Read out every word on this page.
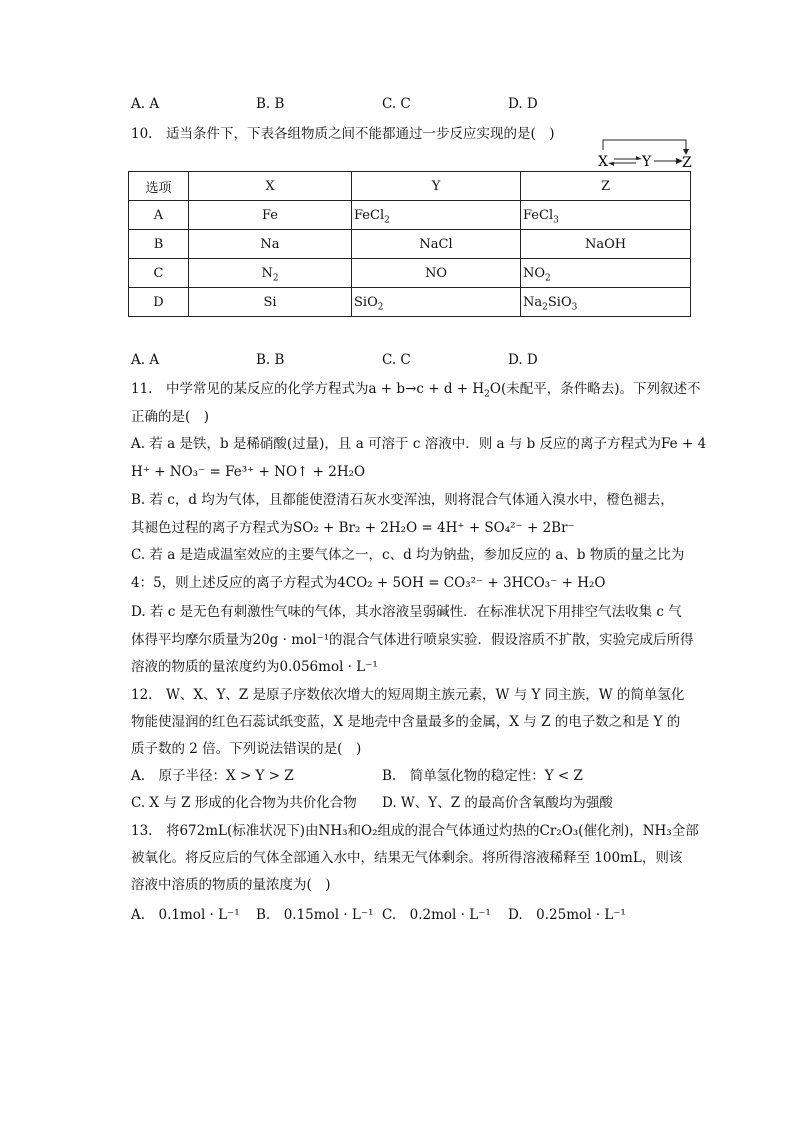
A. A	B. B	C. C	D. D
10.　适当条件下，下表各组物质之间不能都通过一步反应实现的是(　)
X Y Z
选项	X	Y	Z
A	Fe	FeCl$_2$	FeCl$_3$
B	Na	NaCl	NaOH
C	$N_2$	NO	$NO_2$
D	Si	SiO$_2$	$Na_2SiO_3$
A. A	B. B	C. C	D. D
11.　中学常见的某反应的化学方程式为$a + b\to c + d + H_2O$(未配平，条件略去)。下列叙述不
正确的是(　)
A. 若 a 是铁，b 是稀硝酸(过量)，且 a 可溶于 c 溶液中．则 a 与 b 反应的离子方程式为Fe + 4
H⁺ + NO₃⁻ = Fe³⁺ + NO↑ + 2H₂O
B. 若 c，d 均为气体，且都能使澄清石灰水变浑浊，则将混合气体通入溴水中，橙色褪去，
其褪色过程的离子方程式为SO₂ + Br₂ + 2H₂O = 4H⁺ + SO₄²⁻ + 2Br⁻
C. 若 a 是造成温室效应的主要气体之一，c、d 均为钠盐，参加反应的 a、b 物质的量之比为
4：5，则上述反应的离子方程式为4CO₂ + 5OH = CO₃²⁻ + 3HCO₃⁻ + H₂O
D. 若 c 是无色有刺激性气味的气体，其水溶液呈弱碱性．在标准状况下用排空气法收集 c 气
体得平均摩尔质量为20g · mol⁻¹的混合气体进行喷泉实验．假设溶质不扩散，实验完成后所得
溶液的物质的量浓度约为0.056mol · L⁻¹
12.　W、X、Y、Z 是原子序数依次增大的短周期主族元素，W 与 Y 同主族，W 的简单氢化
物能使湿润的红色石蕊试纸变蓝，X 是地壳中含量最多的金属，X 与 Z 的电子数之和是 Y 的
质子数的 2 倍。下列说法错误的是(　)
A.　原子半径：X > Y > Z	B.　简单氢化物的稳定性：Y < Z
C. X 与 Z 形成的化合物为共价化合物 D. W、Y、Z 的最高价含氧酸均为强酸
13.　将672mL(标准状况下)由NH₃和O₂组成的混合气体通过灼热的Cr₂O₃(催化剂)，NH₃全部
被氧化。将反应后的气体全部通入水中，结果无气体剩余。将所得溶液稀释至 100mL，则该
溶液中溶质的物质的量浓度为(　)
A.　0.1mol · L⁻¹ B.　0.15mol · L⁻¹ C.　0.2mol · L⁻¹ D.　0.25mol · L⁻¹
